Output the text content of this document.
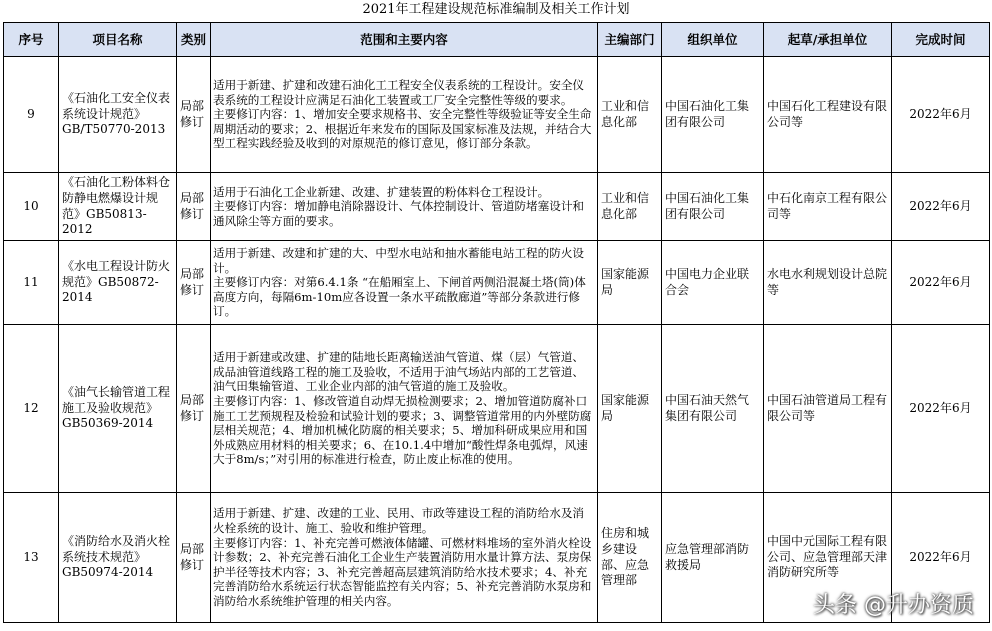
2021年工程建设规范标准编制及相关工作计划
序号	项目名称	类别	范围和主要内容	主编部门	组织单位	起草/承担单位	完成时间
9	《石油化工安全仪表系统设计规范》GB/T50770-2013	局部修订	适用于新建、扩建和改建石油化工工程安全仪表系统的工程设计。安全仪表系统的工程设计应满足石油化工装置或工厂安全完整性等级的要求。
主要修订内容：1、增加安全要求规格书、安全完整性等级验证等安全生命周期活动的要求；2、根据近年来发布的国际及国家标准及法规，并结合大型工程实践经验及收到的对原规范的修订意见，修订部分条款。	工业和信息化部	中国石油化工集团有限公司	中国石化工程建设有限公司等	2022年6月
10	《石油化工粉体料仓防静电燃爆设计规范》GB50813-2012	局部修订	适用于石油化工企业新建、改建、扩建装置的粉体料仓工程设计。
主要修订内容：增加静电消除器设计、气体控制设计、管道防堵塞设计和通风除尘等方面的要求。	工业和信息化部	中国石油化工集团有限公司	中石化南京工程有限公司等	2022年6月
11	《水电工程设计防火规范》GB50872-2014	局部修订	适用于新建、改建和扩建的大、中型水电站和抽水蓄能电站工程的防火设计。
主要修订内容：对第6.4.1条 “在船厢室上、下闸首两侧沿混凝土塔(筒)体高度方向，每隔6m-10m应各设置一条水平疏散廊道”等部分条款进行修订。	国家能源局	中国电力企业联合会	水电水利规划设计总院等	2022年6月
12	《油气长输管道工程施工及验收规范》GB50369-2014	局部修订	适用于新建或改建、扩建的陆地长距离输送油气管道、煤（层）气管道、成品油管道线路工程的施工及验收，不适用于油气场站内部的工艺管道、油气田集输管道、工业企业内部的油气管道的施工及验收。
主要修订内容：1、修改管道自动焊无损检测要求；2、增加管道防腐补口施工工艺预规程及检验和试验计划的要求；3、调整管道常用的内外壁防腐层相关规范；4、增加机械化防腐的相关要求；5、增加科研成果应用和国外成熟应用材料的相关要求；6、在10.1.4中增加“酸性焊条电弧焊，风速大于8m/s；”对引用的标准进行检查，防止废止标准的使用。	国家能源局	中国石油天然气集团有限公司	中国石油管道局工程有限公司等	2022年6月
13	《消防给水及消火栓系统技术规范》GB50974-2014	局部修订	适用于新建、扩建、改建的工业、民用、市政等建设工程的消防给水及消火栓系统的设计、施工、验收和维护管理。
主要修订内容：1、补充完善可燃液体储罐、可燃材料堆场的室外消火栓设计参数；2、补充完善石油化工企业生产装置消防用水量计算方法、泵房保护半径等技术内容；3、补充完善超高层建筑消防给水技术要求；4、补充完善消防给水系统运行状态智能监控有关内容；5、补充完善消防水泵房和消防给水系统维护管理的相关内容。	住房和城乡建设部、应急管理部	应急管理部消防救援局	中国中元国际工程有限公司、应急管理部天津消防研究所等	2022年6月
头条 @升办资质
